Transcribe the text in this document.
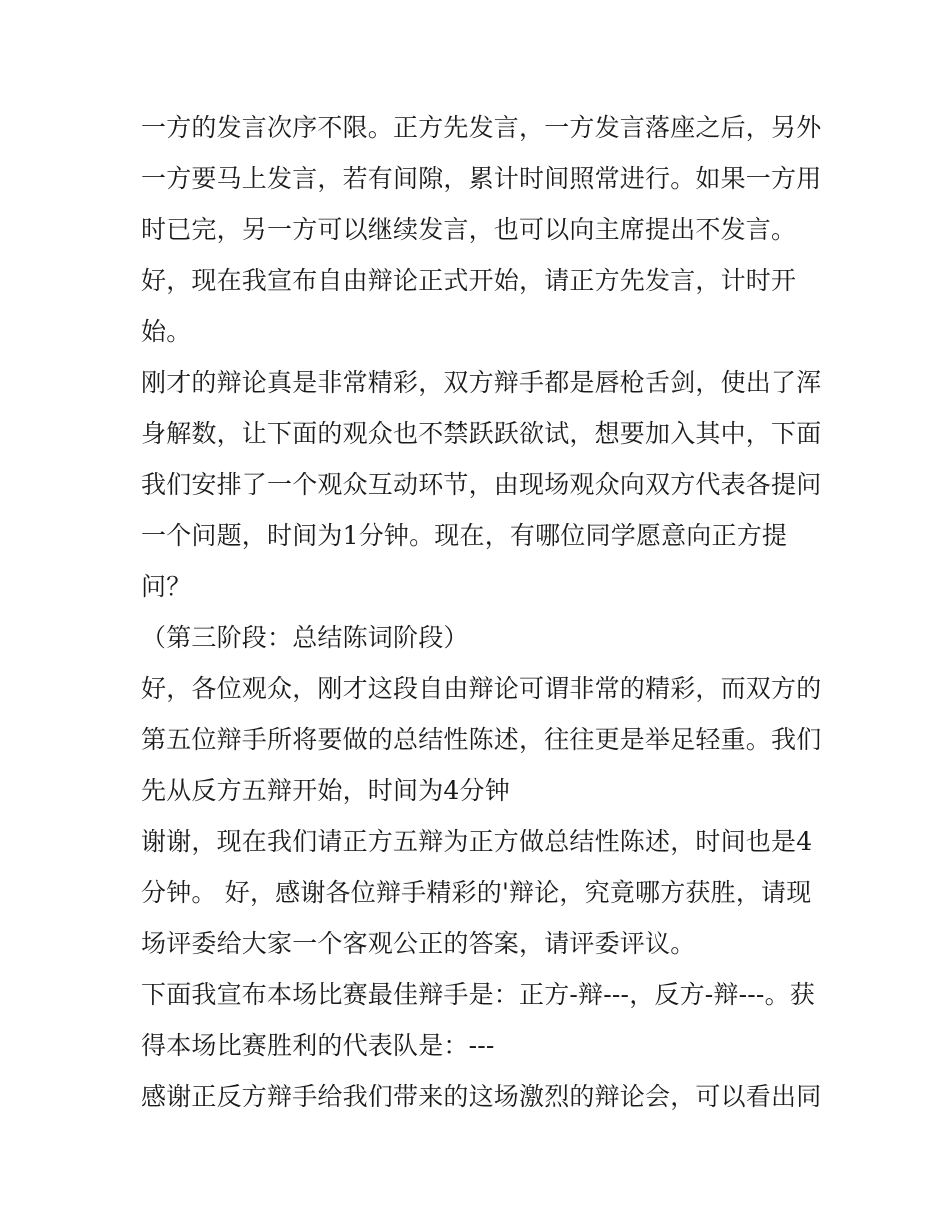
一方的发言次序不限。正方先发言，一方发言落座之后，另外
一方要马上发言，若有间隙，累计时间照常进行。如果一方用
时已完，另一方可以继续发言，也可以向主席提出不发言。
好，现在我宣布自由辩论正式开始，请正方先发言，计时开
始。
刚才的辩论真是非常精彩，双方辩手都是唇枪舌剑，使出了浑
身解数，让下面的观众也不禁跃跃欲试，想要加入其中，下面
我们安排了一个观众互动环节，由现场观众向双方代表各提问
一个问题，时间为1分钟。现在，有哪位同学愿意向正方提
问？
（第三阶段：总结陈词阶段）
好，各位观众，刚才这段自由辩论可谓非常的精彩，而双方的
第五位辩手所将要做的总结性陈述，往往更是举足轻重。我们
先从反方五辩开始，时间为4分钟
谢谢，现在我们请正方五辩为正方做总结性陈述，时间也是4
分钟。 好，感谢各位辩手精彩的'辩论，究竟哪方获胜，请现
场评委给大家一个客观公正的答案，请评委评议。
下面我宣布本场比赛最佳辩手是：正方-辩---，反方-辩---。获
得本场比赛胜利的代表队是：---
感谢正反方辩手给我们带来的这场激烈的辩论会，可以看出同
